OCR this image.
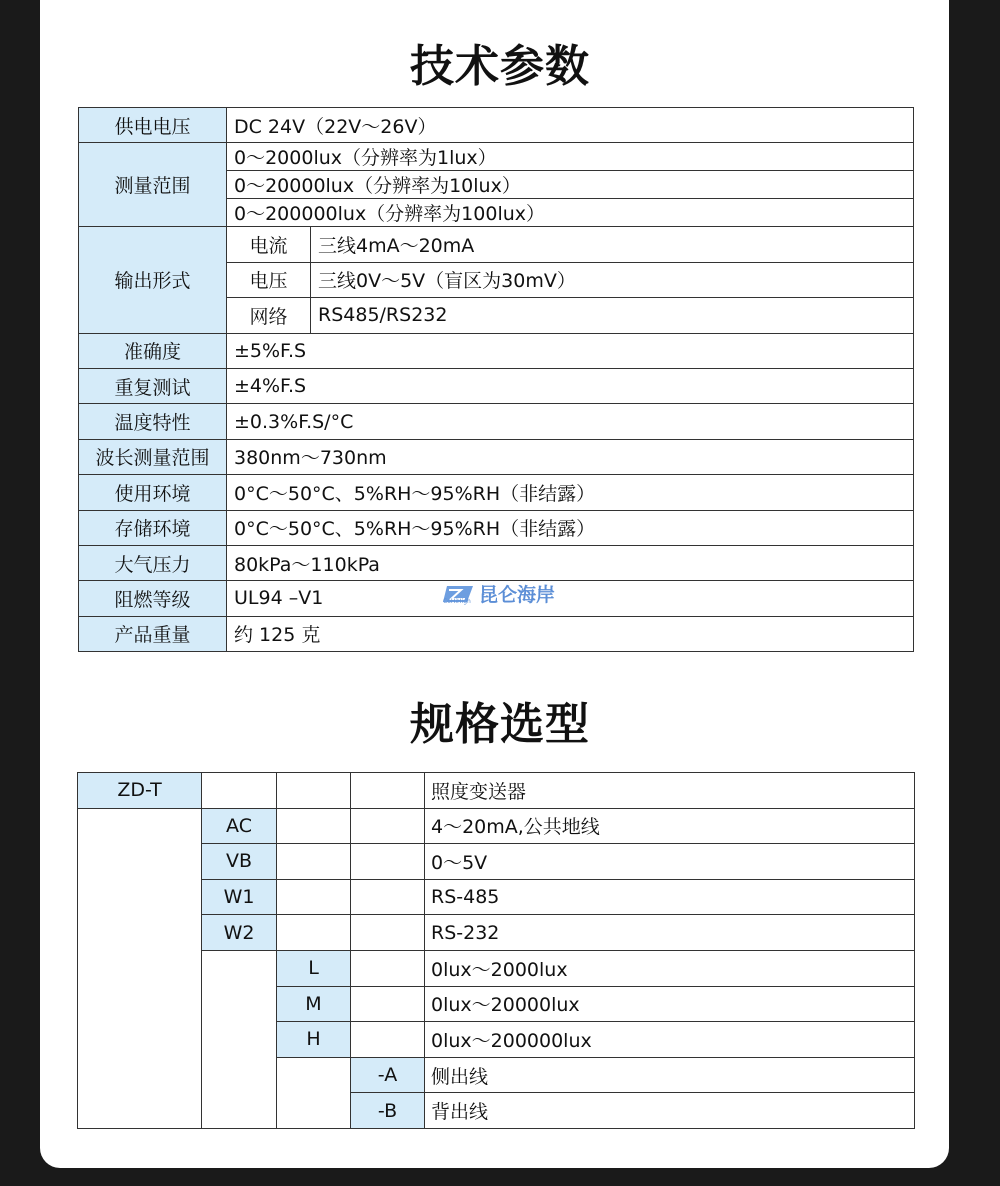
技术参数
供电电压	DC 24V（22V～26V）	
测量范围	0～2000lux（分辨率为1lux）	
	0～20000lux（分辨率为10lux）	
	0～200000lux（分辨率为100lux）	
输出形式	电流	三线4mA～20mA
	电压	三线0V～5V（盲区为30mV）
	网络	RS485/RS232
准确度	±5%F.S	
重复测试	±4%F.S	
温度特性	±0.3%F.S/°C	
波长测量范围	380nm～730nm	
使用环境	0°C～50°C、5%RH～95%RH（非结露）	
存储环境	0°C～50°C、5%RH～95%RH（非结露）	
大气压力	80kPa～110kPa	
阻燃等级	UL94 –V1	
产品重量	约 125 克	
昆仑海岸
CoHiHigh
规格选型
ZD-T				照度变送器
	AC			4～20mA,公共地线
	VB			0～5V
	W1			RS-485
	W2			RS-232
		L		0lux～2000lux
		M		0lux～20000lux
		H		0lux～200000lux
			-A	侧出线
			-B	背出线
